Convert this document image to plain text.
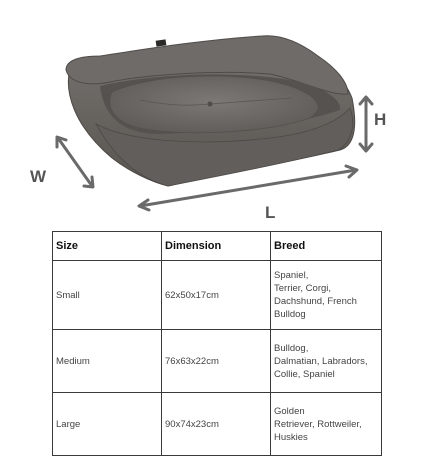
H
W
L
Size	Dimension	Breed
Small	62x50x17cm	Spaniel,
Terrier, Corgi,
Dachshund, French
Bulldog
Medium	76x63x22cm	Bulldog,
Dalmatian, Labradors,
Collie, Spaniel
Large	90x74x23cm	Golden
Retriever, Rottweiler,
Huskies
